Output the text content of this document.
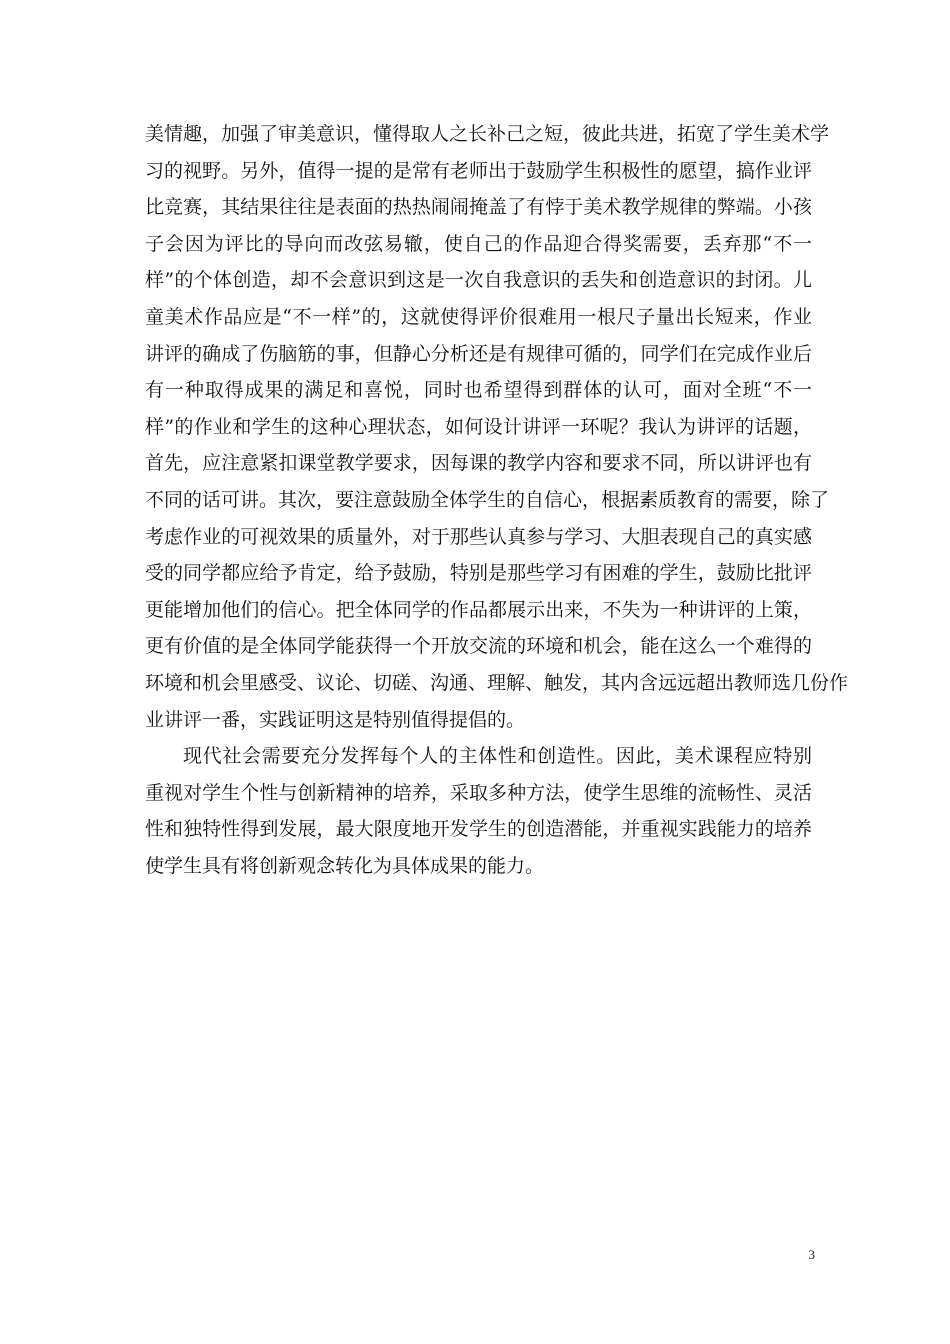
美情趣，加强了审美意识，懂得取人之长补己之短，彼此共进，拓宽了学生美术学
习的视野。另外，值得一提的是常有老师出于鼓励学生积极性的愿望，搞作业评
比竞赛，其结果往往是表面的热热闹闹掩盖了有悖于美术教学规律的弊端。小孩
子会因为评比的导向而改弦易辙，使自己的作品迎合得奖需要，丢弃那“不一
样”的个体创造，却不会意识到这是一次自我意识的丢失和创造意识的封闭。儿
童美术作品应是“不一样”的，这就使得评价很难用一根尺子量出长短来，作业
讲评的确成了伤脑筋的事，但静心分析还是有规律可循的，同学们在完成作业后
有一种取得成果的满足和喜悦，同时也希望得到群体的认可，面对全班“不一
样”的作业和学生的这种心理状态，如何设计讲评一环呢？我认为讲评的话题，
首先，应注意紧扣课堂教学要求，因每课的教学内容和要求不同，所以讲评也有
不同的话可讲。其次，要注意鼓励全体学生的自信心，根据素质教育的需要，除了
考虑作业的可视效果的质量外，对于那些认真参与学习、大胆表现自己的真实感
受的同学都应给予肯定，给予鼓励，特别是那些学习有困难的学生，鼓励比批评
更能增加他们的信心。把全体同学的作品都展示出来，不失为一种讲评的上策，
更有价值的是全体同学能获得一个开放交流的环境和机会，能在这么一个难得的
环境和机会里感受、议论、切磋、沟通、理解、触发，其内含远远超出教师选几份作
业讲评一番，实践证明这是特别值得提倡的。
现代社会需要充分发挥每个人的主体性和创造性。因此，美术课程应特别
重视对学生个性与创新精神的培养，采取多种方法，使学生思维的流畅性、灵活
性和独特性得到发展，最大限度地开发学生的创造潜能，并重视实践能力的培养
使学生具有将创新观念转化为具体成果的能力。
3
